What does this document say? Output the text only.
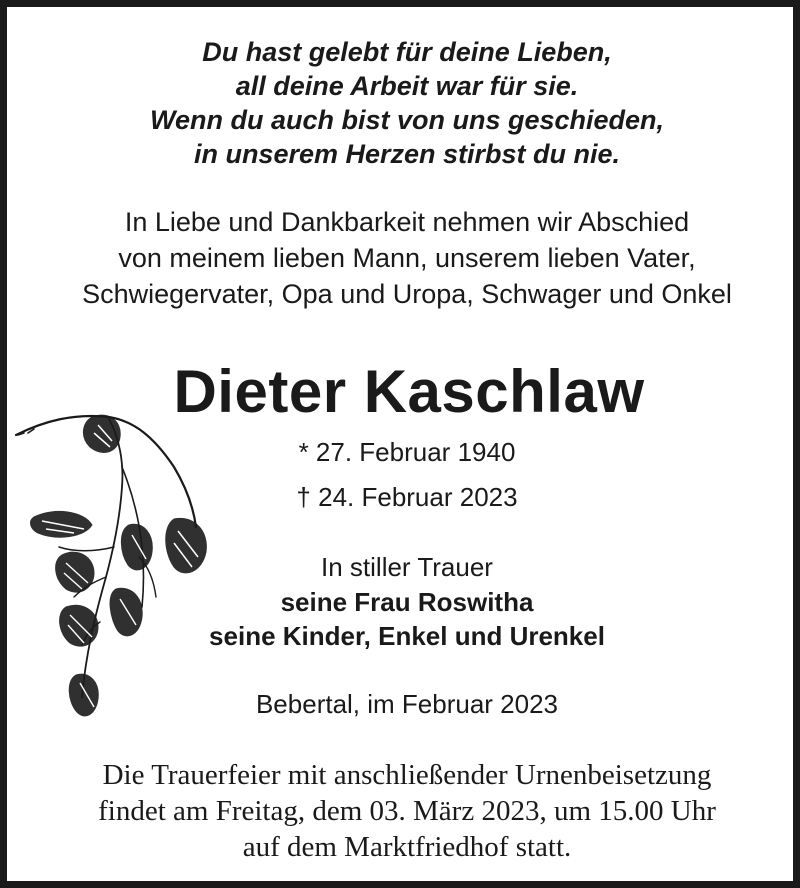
Du hast gelebt für deine Lieben,
all deine Arbeit war für sie.
Wenn du auch bist von uns geschieden,
in unserem Herzen stirbst du nie.
In Liebe und Dankbarkeit nehmen wir Abschied
von meinem lieben Mann, unserem lieben Vater,
Schwiegervater, Opa und Uropa, Schwager und Onkel
Dieter Kaschlaw
* 27. Februar 1940
† 24. Februar 2023
In stiller Trauer
seine Frau Roswitha
seine Kinder, Enkel und Urenkel
Bebertal, im Februar 2023
Die Trauerfeier mit anschließender Urnenbeisetzung
findet am Freitag, dem 03. März 2023, um 15.00 Uhr
auf dem Marktfriedhof statt.
